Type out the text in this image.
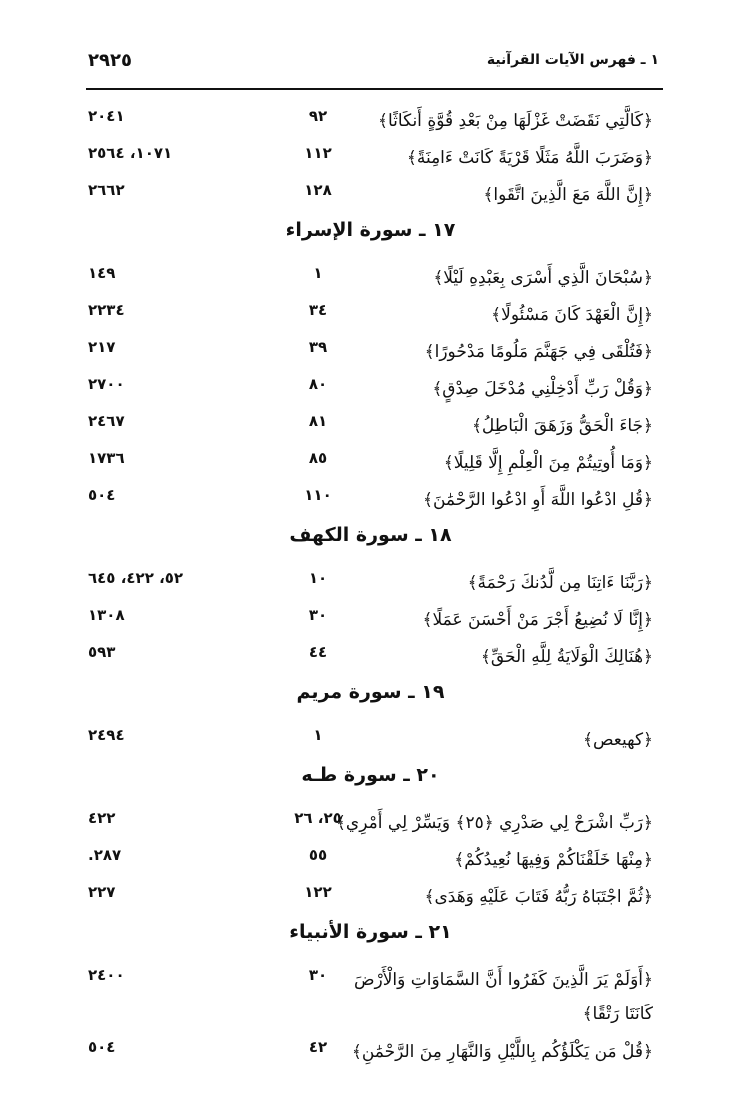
١ ـ فهرس الآيات القرآنية
٢٩٢٥
﴿كَالَّتِي نَقَضَتْ غَزْلَهَا مِنْ بَعْدِ قُوَّةٍ أَنكَاثًا﴾
٩٢
٢٠٤١
﴿وَضَرَبَ اللَّهُ مَثَلًا قَرْيَةً كَانَتْ ءَامِنَةً﴾
١١٢
١٠٧١، ٢٥٦٤
﴿إِنَّ اللَّهَ مَعَ الَّذِينَ اتَّقَوا﴾
١٢٨
٢٦٦٢
١٧ ـ سورة الإسراء
﴿سُبْحَانَ الَّذِي أَسْرَى بِعَبْدِهِ لَيْلًا﴾
١
١٤٩
﴿إِنَّ الْعَهْدَ كَانَ مَسْئُولًا﴾
٣٤
٢٢٣٤
﴿فَتُلْقَى فِي جَهَنَّمَ مَلُومًا مَدْحُورًا﴾
٣٩
٢١٧
﴿وَقُلْ رَبِّ أَدْخِلْنِي مُدْخَلَ صِدْقٍ﴾
٨٠
٢٧٠٠
﴿جَاءَ الْحَقُّ وَزَهَقَ الْبَاطِلُ﴾
٨١
٢٤٦٧
﴿وَمَا أُوتِيتُمْ مِنَ الْعِلْمِ إِلَّا قَلِيلًا﴾
٨٥
١٧٣٦
﴿قُلِ ادْعُوا اللَّهَ أَوِ ادْعُوا الرَّحْمَٰنَ﴾
١١٠
٥٠٤
١٨ ـ سورة الكهف
﴿رَبَّنَا ءَاتِنَا مِن لَّدُنكَ رَحْمَةً﴾
١٠
٥٢، ٤٢٢، ٦٤٥
﴿إِنَّا لَا نُضِيعُ أَجْرَ مَنْ أَحْسَنَ عَمَلًا﴾
٣٠
١٣٠٨
﴿هُنَالِكَ الْوَلَايَةُ لِلَّهِ الْحَقِّ﴾
٤٤
٥٩٣
١٩ ـ سورة مريم
﴿كهيعص﴾
١
٢٤٩٤
٢٠ ـ سورة طـه
﴿رَبِّ اشْرَحْ لِي صَدْرِي ﴿٢٥﴾ وَيَسِّرْ لِي أَمْرِي﴾
٢٥، ٢٦
٤٢٢
﴿مِنْهَا خَلَقْنَاكُمْ وَفِيهَا نُعِيدُكُمْ﴾
٥٥
٢٨٧.
﴿ثُمَّ اجْتَبَاهُ رَبُّهُ فَتَابَ عَلَيْهِ وَهَدَى﴾
١٢٢
٢٢٧
٢١ ـ سورة الأنبياء
﴿أَوَلَمْ يَرَ الَّذِينَ كَفَرُوا أَنَّ السَّمَاوَاتِ وَالْأَرْضَ كَانَتَا رَتْقًا﴾
٣٠
٢٤٠٠
﴿قُلْ مَن يَكْلَؤُكُم بِاللَّيْلِ وَالنَّهَارِ مِنَ الرَّحْمَٰنِ﴾
٤٢
٥٠٤
